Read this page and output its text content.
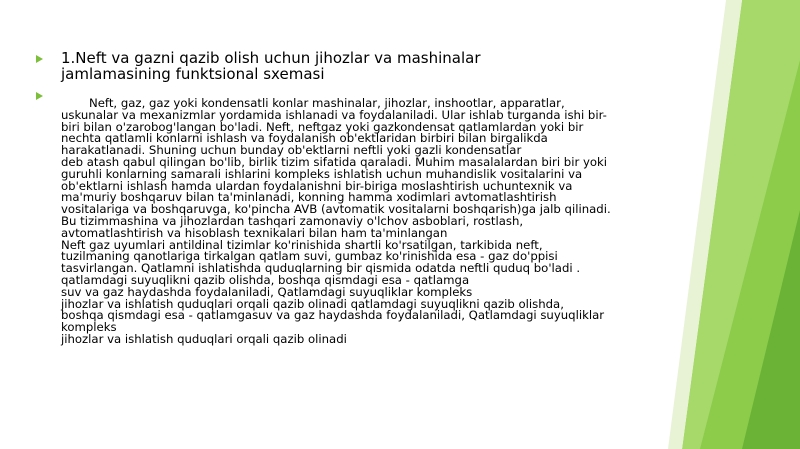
1.Neft va gazni qazib olish uchun jihozlar va mashinalar
jamlamasining funktsional sxemasi
Neft, gaz, gaz yoki kondensatli konlar mashinalar, jihozlar, inshootlar, apparatlar,
uskunalar va mexanizmlar yordamida ishlanadi va foydalaniladi. Ular ishlab turganda ishi bir-
biri bilan o'zarobog'langan bo'ladi. Neft, neftgaz yoki gazkondensat qatlamlardan yoki bir
nechta qatlamli konlarni ishlash va foydalanish ob'ektlaridan birbiri bilan birgalikda
harakatlanadi. Shuning uchun bunday ob'ektlarni neftli yoki gazli kondensatlar
deb atash qabul qilingan bo'lib, birlik tizim sifatida qaraladi. Muhim masalalardan biri bir yoki
guruhli konlarning samarali ishlarini kompleks ishlatish uchun muhandislik vositalarini va
ob'ektlarni ishlash hamda ulardan foydalanishni bir-biriga moslashtirish uchuntexnik va
ma'muriy boshqaruv bilan ta'minlanadi, konning hamma xodimlari avtomatlashtirish
vositalariga va boshqaruvga, ko'pincha AVB (avtomatik vositalarni boshqarish)ga jalb qilinadi.
Bu tizimmashina va jihozlardan tashqari zamonaviy o'lchov asboblari, rostlash,
avtomatlashtirish va hisoblash texnikalari bilan ham ta'minlangan
Neft gaz uyumlari antildinal tizimlar ko'rinishida shartli ko'rsatilgan, tarkibida neft,
tuzilmaning qanotlariga tirkalgan qatlam suvi, gumbaz ko'rinishida esa - gaz do'ppisi
tasvirlangan. Qatlamni ishlatishda quduqlarning bir qismida odatda neftli quduq bo'ladi .
qatlamdagi suyuqlikni qazib olishda, boshqa qismdagi esa - qatlamga
suv va gaz haydashda foydalaniladi, Qatlamdagi suyuqliklar kompleks
jihozlar va ishlatish quduqlari orqali qazib olinadi qatlamdagi suyuqlikni qazib olishda,
boshqa qismdagi esa - qatlamgasuv va gaz haydashda foydalaniladi, Qatlamdagi suyuqliklar
kompleks
jihozlar va ishlatish quduqlari orqali qazib olinadi
